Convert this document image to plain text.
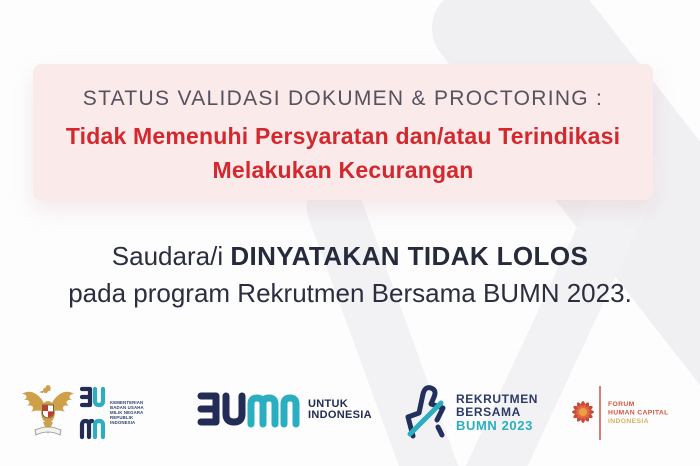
STATUS VALIDASI DOKUMEN & PROCTORING :
Tidak Memenuhi Persyaratan dan/atau Terindikasi
Melakukan Kecurangan
Saudara/i DINYATAKAN TIDAK LOLOS
pada program Rekrutmen Bersama BUMN 2023.
KEMENTERIAN
BADAN USAHA
MILIK NEGARA
REPUBLIK
INDONESIA
UNTUK
INDONESIA
REKRUTMEN
BERSAMA
BUMN 2023
FORUM
HUMAN CAPITAL
INDONESIA
